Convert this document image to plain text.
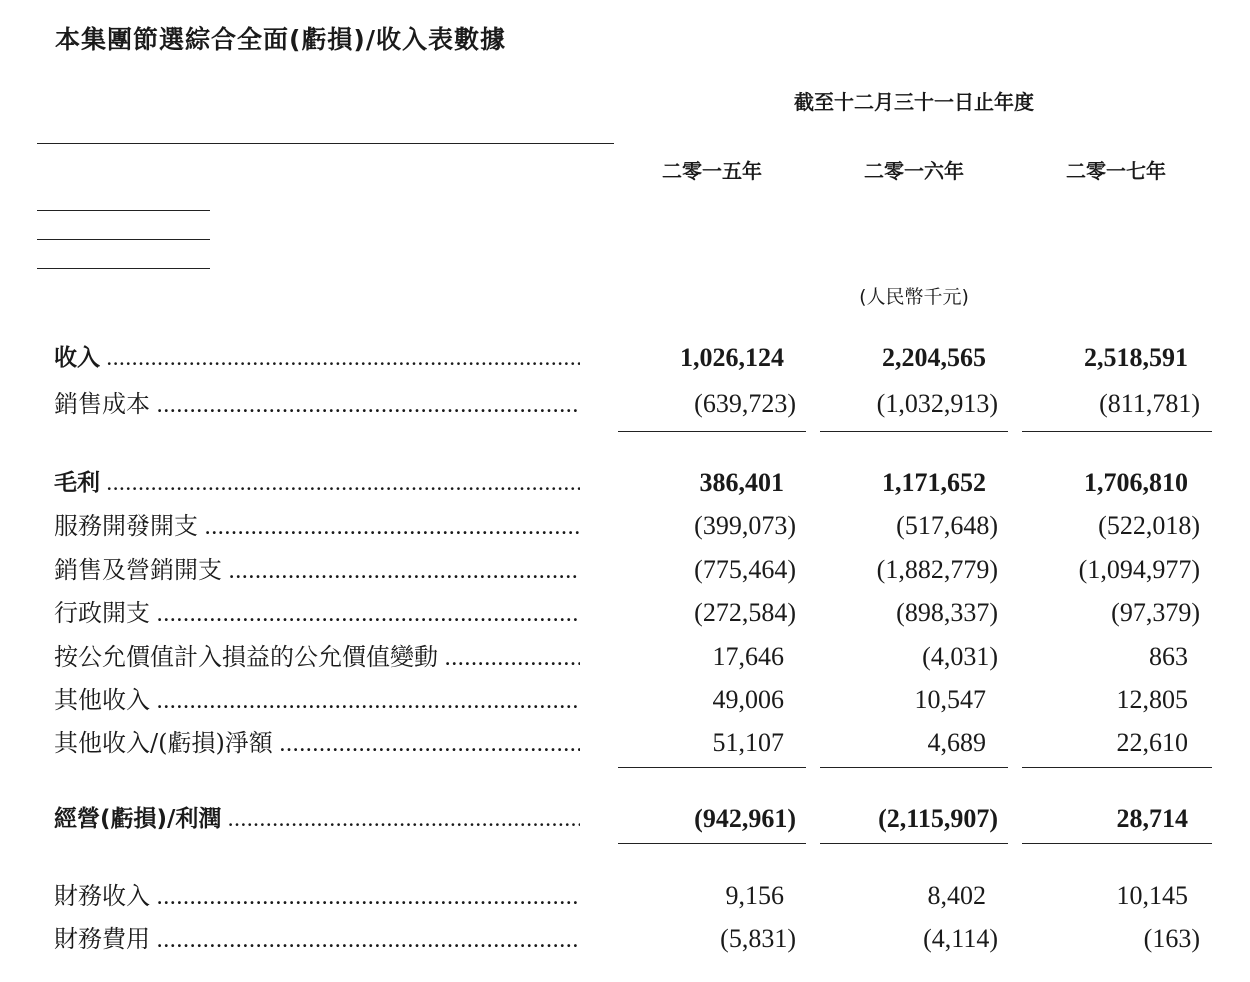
本集團節選綜合全面(虧損)/收入表數據
截至十二月三十一日止年度
二零一五年	二零一六年	二零一七年
(人民幣千元)
收入 .....	1,026,124	2,204,565	2,518,591
銷售成本 .....	(639,723)	(1,032,913)	(811,781)
毛利 .....	386,401	1,171,652	1,706,810
服務開發開支 .....	(399,073)	(517,648)	(522,018)
銷售及營銷開支 .....	(775,464)	(1,882,779)	(1,094,977)
行政開支 .....	(272,584)	(898,337)	(97,379)
按公允價值計入損益的公允價值變動 .....	17,646	(4,031)	863
其他收入 .....	49,006	10,547	12,805
其他收入/(虧損)淨額 .....	51,107	4,689	22,610
經營(虧損)/利潤 .....	(942,961)	(2,115,907)	28,714
財務收入 .....	9,156	8,402	10,145
財務費用 .....	(5,831)	(4,114)	(163)
